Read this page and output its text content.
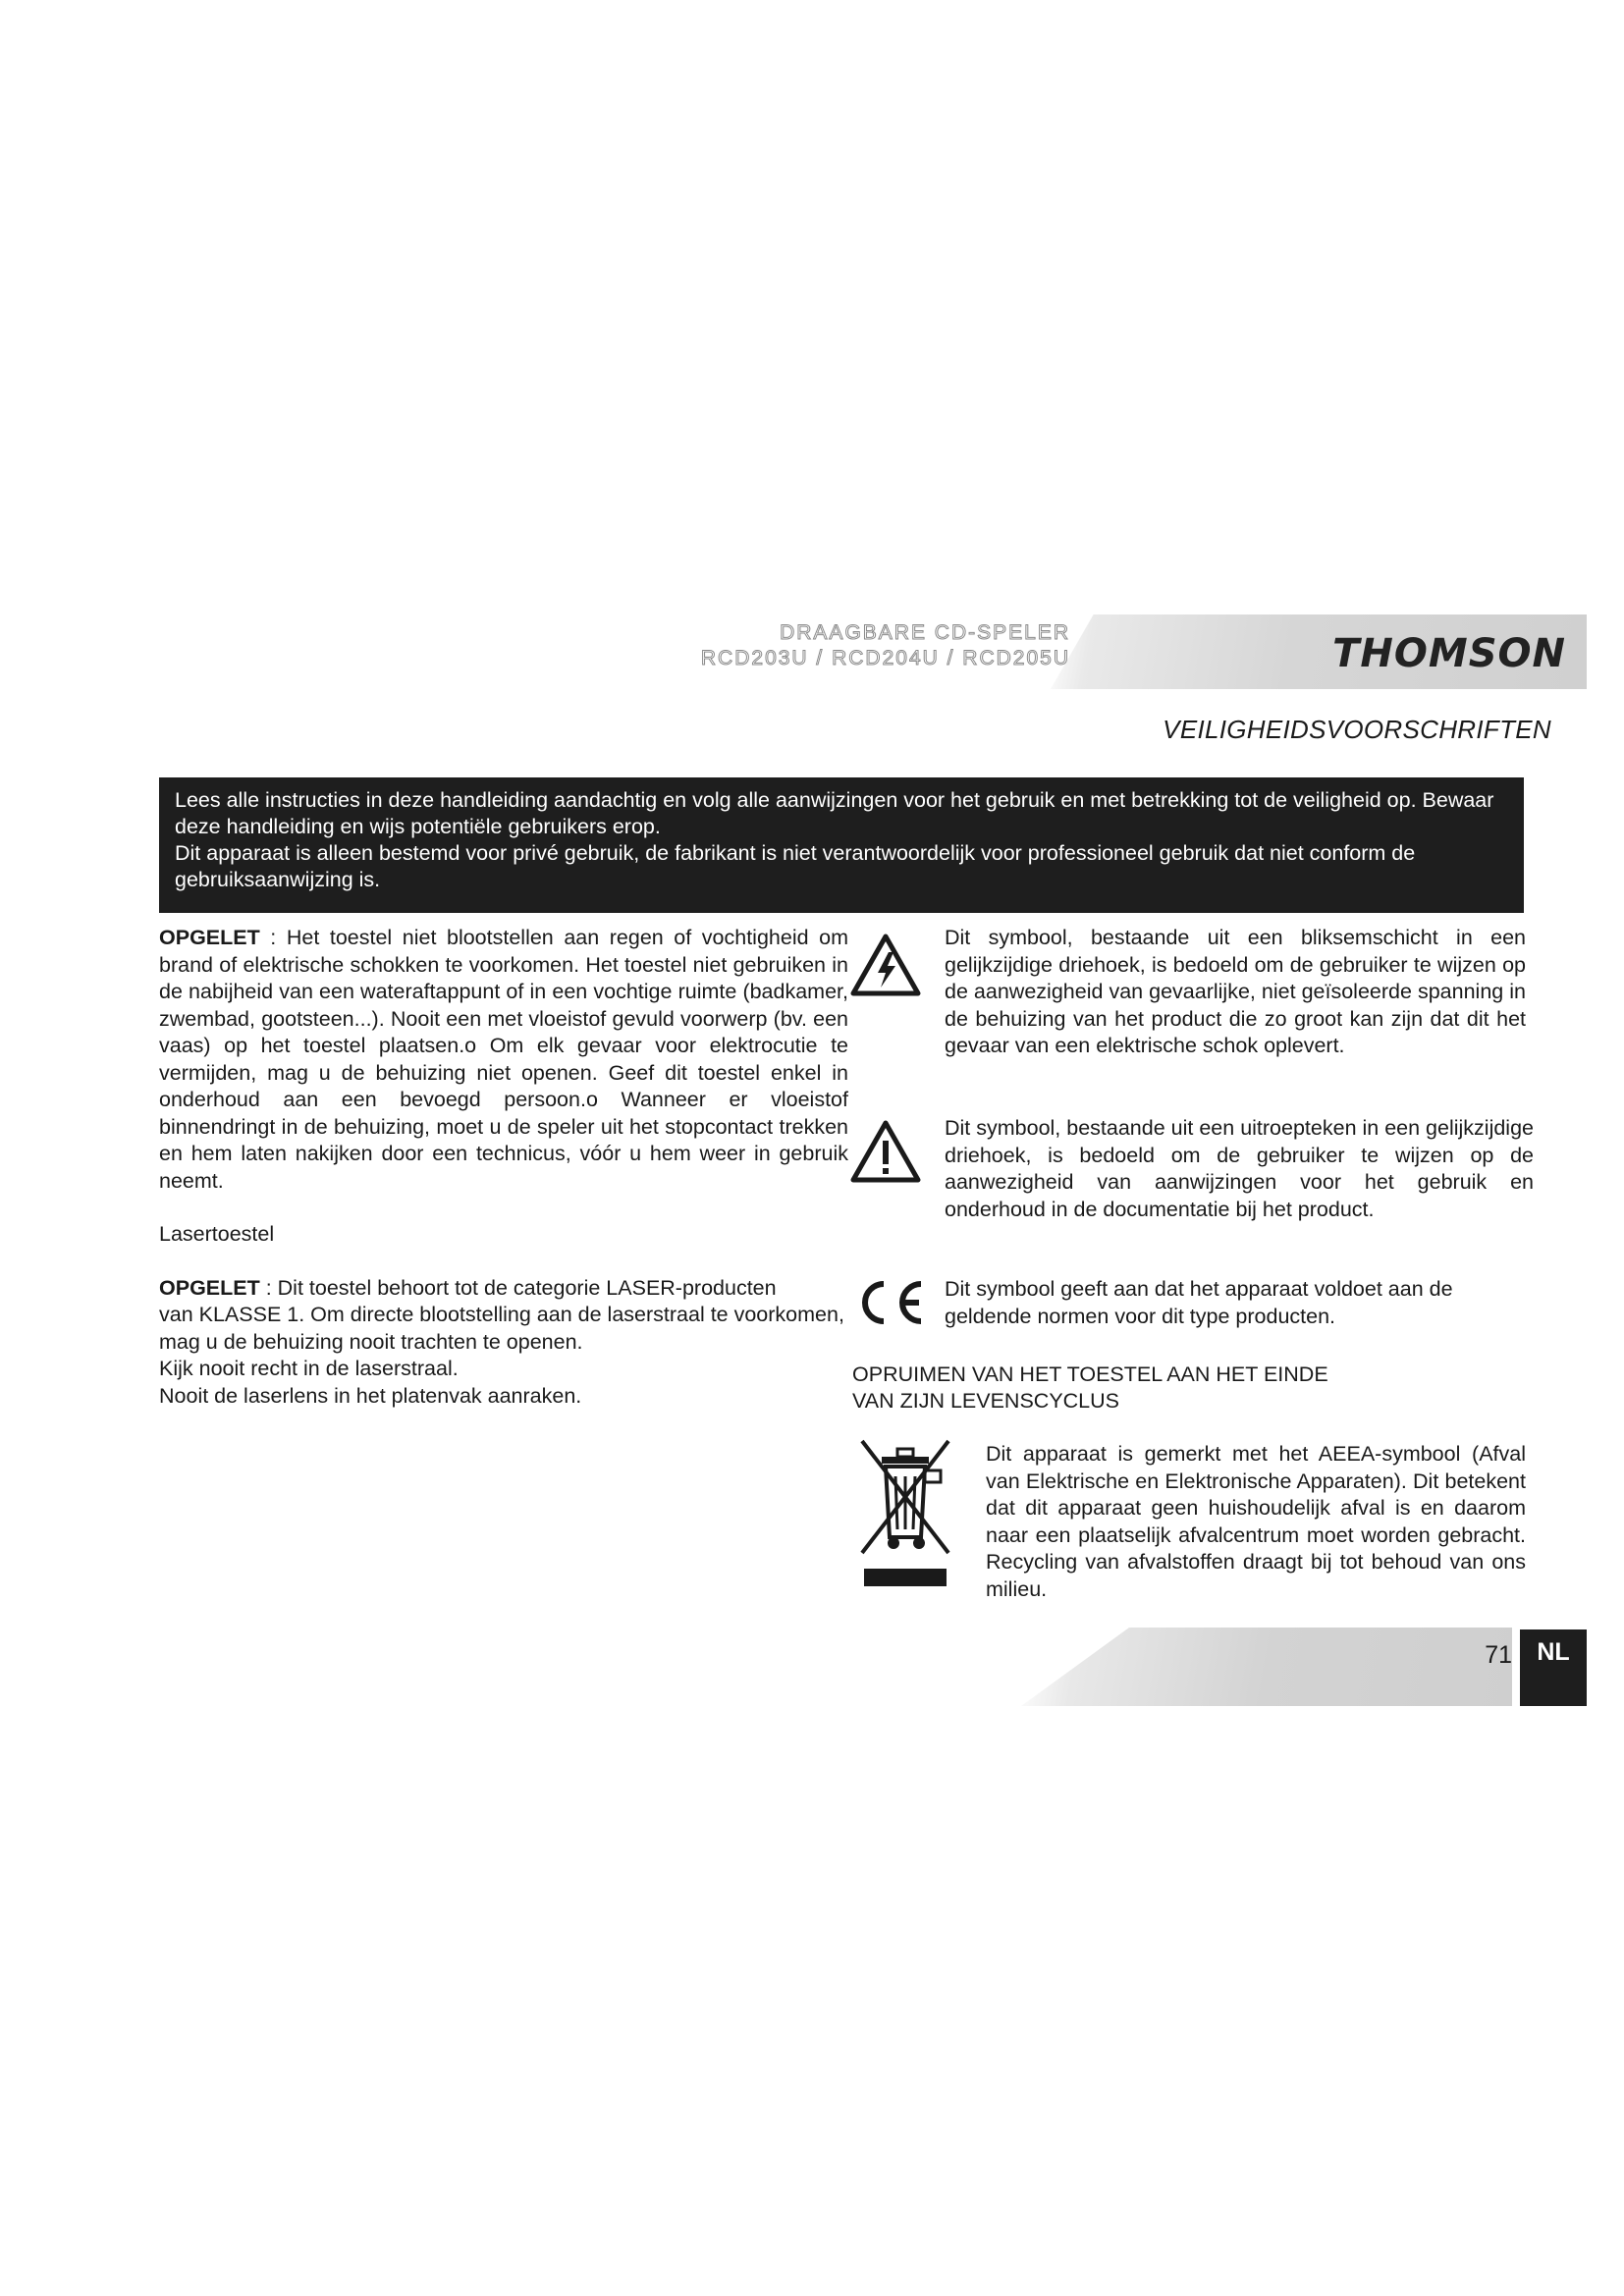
THOMSON
DRAAGBARE CD-SPELER
RCD203U / RCD204U / RCD205U
VEILIGHEIDSVOORSCHRIFTEN

Lees alle instructies in deze handleiding aandachtig en volg alle aanwijzingen voor het gebruik en met betrekking tot de veiligheid op. Bewaar deze handleiding en wijs potentiële gebruikers erop.

Dit apparaat is alleen bestemd voor privé gebruik, de fabrikant is niet verantwoordelijk voor professioneel gebruik dat niet conform de gebruiksaanwijzing is.

OPGELET : Het toestel niet blootstellen aan regen of vochtigheid om brand of elektrische schokken te voorkomen. Het toestel niet gebruiken in de nabijheid van een wateraftappunt of in een vochtige ruimte (badkamer, zwembad, gootsteen...). Nooit een met vloeistof gevuld voorwerp (bv. een vaas) op het toestel plaatsen.o Om elk gevaar voor elektrocutie te vermijden, mag u de behuizing niet openen. Geef dit toestel enkel in onderhoud aan een bevoegd persoon.o Wanneer er vloeistof binnendringt in de behuizing, moet u de speler uit het stopcontact trekken en hem laten nakijken door een technicus, vóór u hem weer in gebruik neemt.

Lasertoestel

OPGELET : Dit toestel behoort tot de categorie LASER-producten

van KLASSE 1. Om directe blootstelling aan de laserstraal te voorkomen, mag u de behuizing nooit trachten te openen.

Kijk nooit recht in de laserstraal.

Nooit de laserlens in het platenvak aanraken.

Dit symbool, bestaande uit een bliksemschicht in een gelijkzijdige driehoek, is bedoeld om de gebruiker te wijzen op de aanwezigheid van gevaarlijke, niet geïsoleerde spanning in de behuizing van het product die zo groot kan zijn dat dit het gevaar van een elektrische schok oplevert.
Dit symbool, bestaande uit een uitroepteken in een gelijkzijdige driehoek, is bedoeld om de gebruiker te wijzen op de aanwezigheid van aanwijzingen voor het gebruik en onderhoud in de documentatie bij het product.
Dit symbool geeft aan dat het apparaat voldoet aan de geldende normen voor dit type producten.
OPRUIMEN VAN HET TOESTEL AAN HET EINDE
VAN ZIJN LEVENSCYCLUS
Dit apparaat is gemerkt met het AEEA-symbool (Afval van Elektrische en Elektronische Apparaten). Dit betekent dat dit apparaat geen huishoudelijk afval is en daarom naar een plaatselijk afvalcentrum moet worden gebracht. Recycling van afvalstoffen draagt bij tot behoud van ons milieu.
71	NL
